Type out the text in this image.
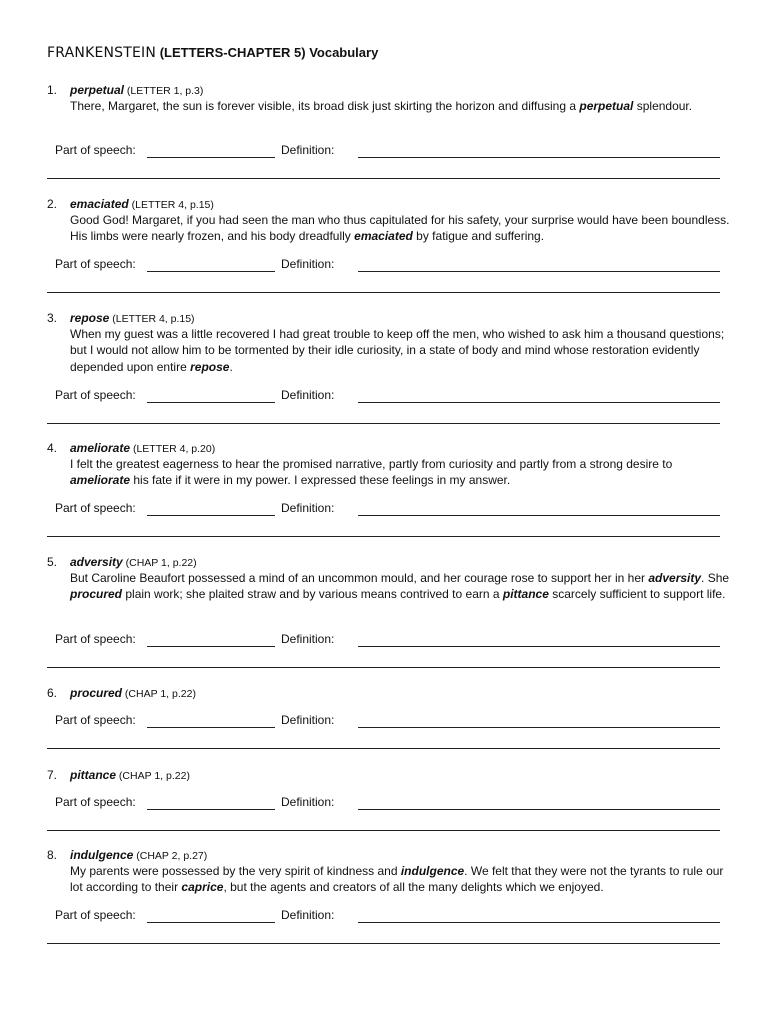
FRANKENSTEIN (LETTERS-CHAPTER 5) Vocabulary
1. perpetual (LETTER 1, p.3)
There, Margaret, the sun is forever visible, its broad disk just skirting the horizon and diffusing a perpetual splendour.
Part of speech:	Definition:
2. emaciated (LETTER 4, p.15)
Good God! Margaret, if you had seen the man who thus capitulated for his safety, your surprise would have been boundless. His limbs were nearly frozen, and his body dreadfully emaciated by fatigue and suffering.
Part of speech:	Definition:
3. repose (LETTER 4, p.15)
When my guest was a little recovered I had great trouble to keep off the men, who wished to ask him a thousand questions; but I would not allow him to be tormented by their idle curiosity, in a state of body and mind whose restoration evidently depended upon entire repose.
Part of speech:	Definition:
4. ameliorate (LETTER 4, p.20)
I felt the greatest eagerness to hear the promised narrative, partly from curiosity and partly from a strong desire to ameliorate his fate if it were in my power. I expressed these feelings in my answer.
Part of speech:	Definition:
5. adversity (CHAP 1, p.22)
But Caroline Beaufort possessed a mind of an uncommon mould, and her courage rose to support her in her adversity. She procured plain work; she plaited straw and by various means contrived to earn a pittance scarcely sufficient to support life.
Part of speech:	Definition:
6. procured (CHAP 1, p.22)
Part of speech:	Definition:
7. pittance (CHAP 1, p.22)
Part of speech:	Definition:
8. indulgence (CHAP 2, p.27)
My parents were possessed by the very spirit of kindness and indulgence. We felt that they were not the tyrants to rule our lot according to their caprice, but the agents and creators of all the many delights which we enjoyed.
Part of speech:	Definition:
